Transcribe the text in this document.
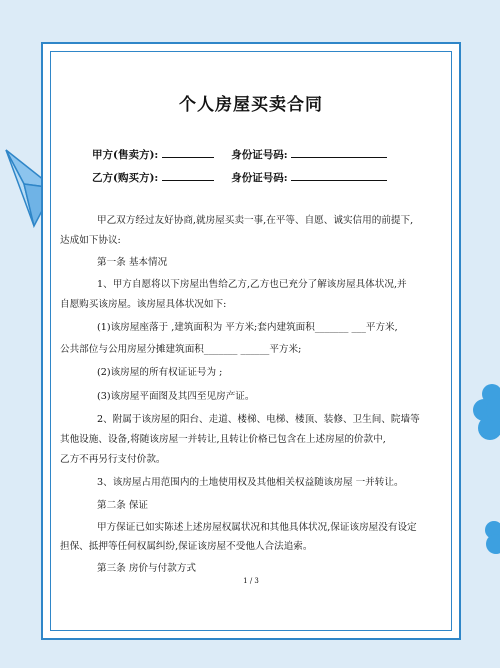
个人房屋买卖合同
甲方(售卖方):	身份证号码:
乙方(购买方):	身份证号码:
甲乙双方经过友好协商,就房屋买卖一事,在平等、自愿、诚实信用的前提下,
达成如下协议:
第一条 基本情况
1、甲方自愿将以下房屋出售给乙方,乙方也已充分了解该房屋具体状况,并
自愿购买该房屋。该房屋具体状况如下:
(1)该房屋座落于 ,建筑面积为 平方米;套内建筑面积_______ ___平方米,
公共部位与公用房屋分摊建筑面积_______ ______平方米;
(2)该房屋的所有权证证号为 ;
(3)该房屋平面图及其四至见房产证。
2、附属于该房屋的阳台、走道、楼梯、电梯、楼顶、装修、卫生间、院墙等
其他设施、设备,将随该房屋一并转让,且转让价格已包含在上述房屋的价款中,
乙方不再另行支付价款。
3、该房屋占用范围内的土地使用权及其他相关权益随该房屋 一并转让。
第二条 保证
甲方保证已如实陈述上述房屋权属状况和其他具体状况,保证该房屋没有设定
担保、抵押等任何权属纠纷,保证该房屋不受他人合法追索。
第三条 房价与付款方式
1 / 3
